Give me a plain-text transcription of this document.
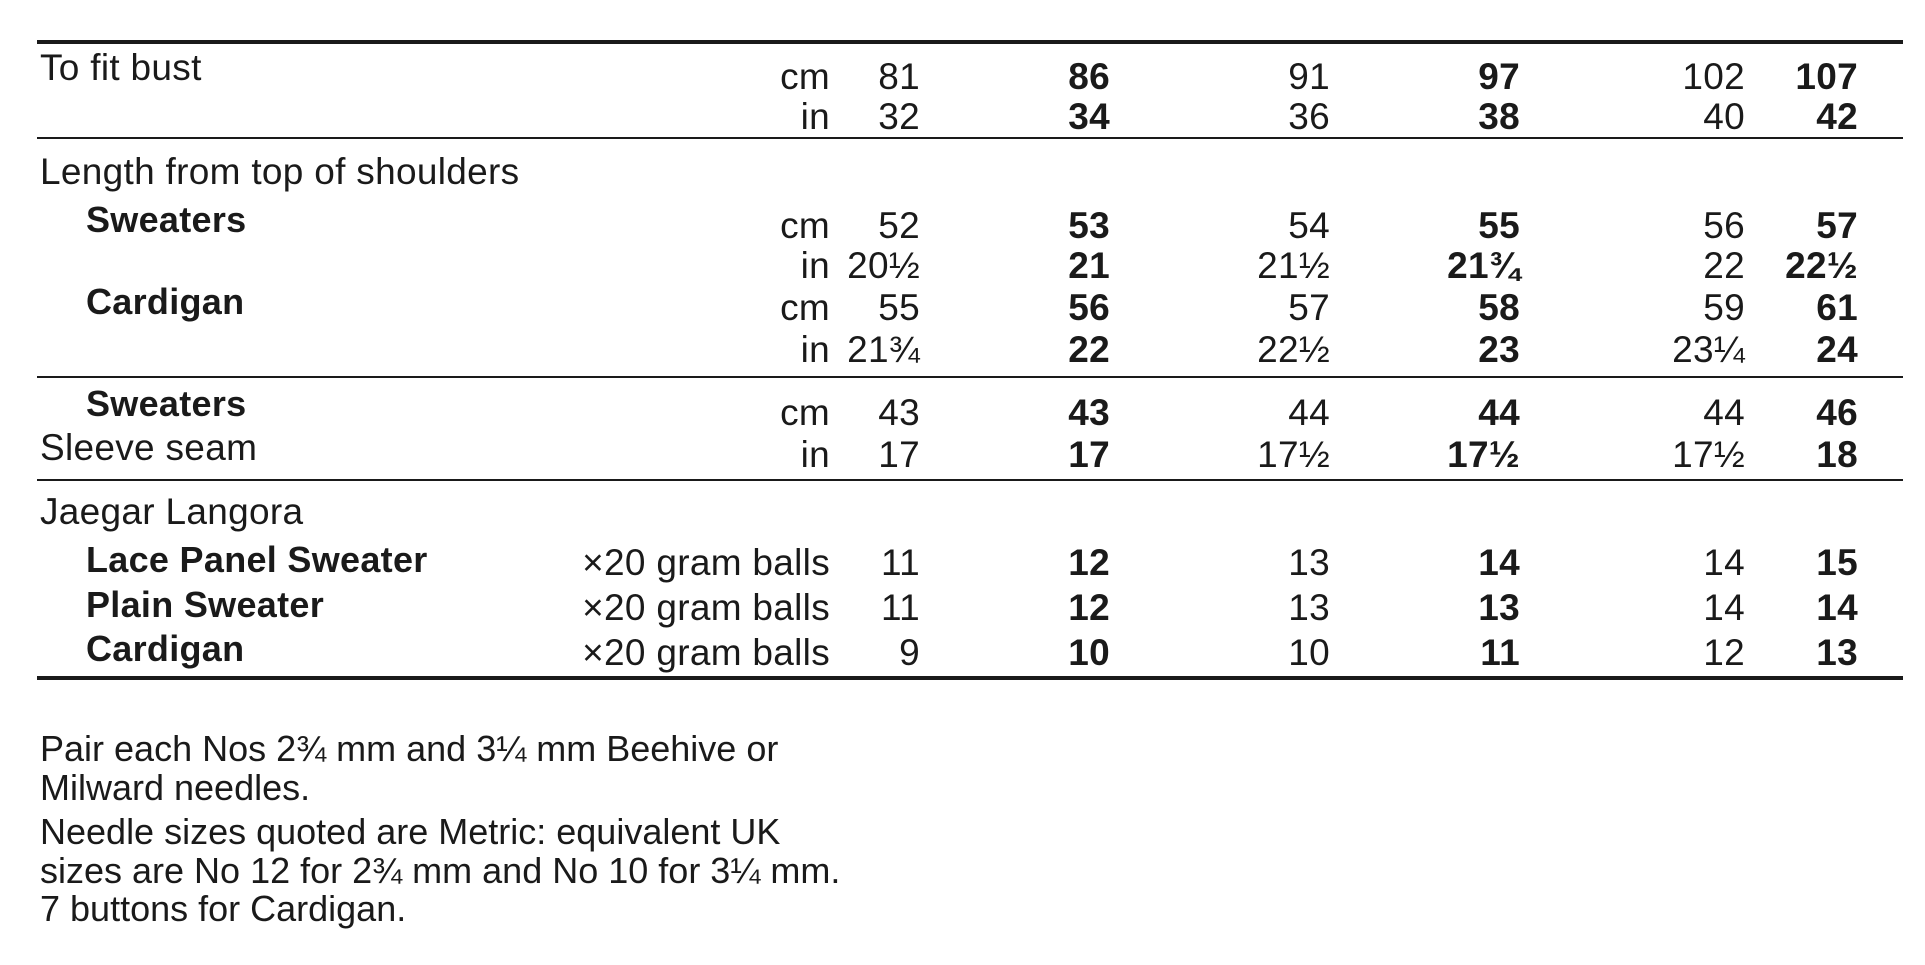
To fit bust	cm	81	86	91	97	102	107
in	32	34	36	38	40	42
Length from top of shoulders
Sweaters	cm	52	53	54	55	56	57
in 20½	21	21½	21¾	22	22½
Cardigan	cm	55	56	57	58	59	61
in 21¾	22	22½	23	23¼	24
Sweaters
Sleeve seam
cm	43	43	44	44	44	46
in	17	17	17½	17½	17½	18
Jaegar Langora
Lace Panel Sweater	×20 gram balls	11	12	13	14	14	15
Plain Sweater	×20 gram balls	11	12	13	13	14	14
Cardigan	×20 gram balls	9	10	10	11	12	13

Pair each Nos 2¾ mm and 3¼ mm Beehive or

Milward needles.

Needle sizes quoted are Metric: equivalent UK

sizes are No 12 for 2¾ mm and No 10 for 3¼ mm.

7 buttons for Cardigan.
